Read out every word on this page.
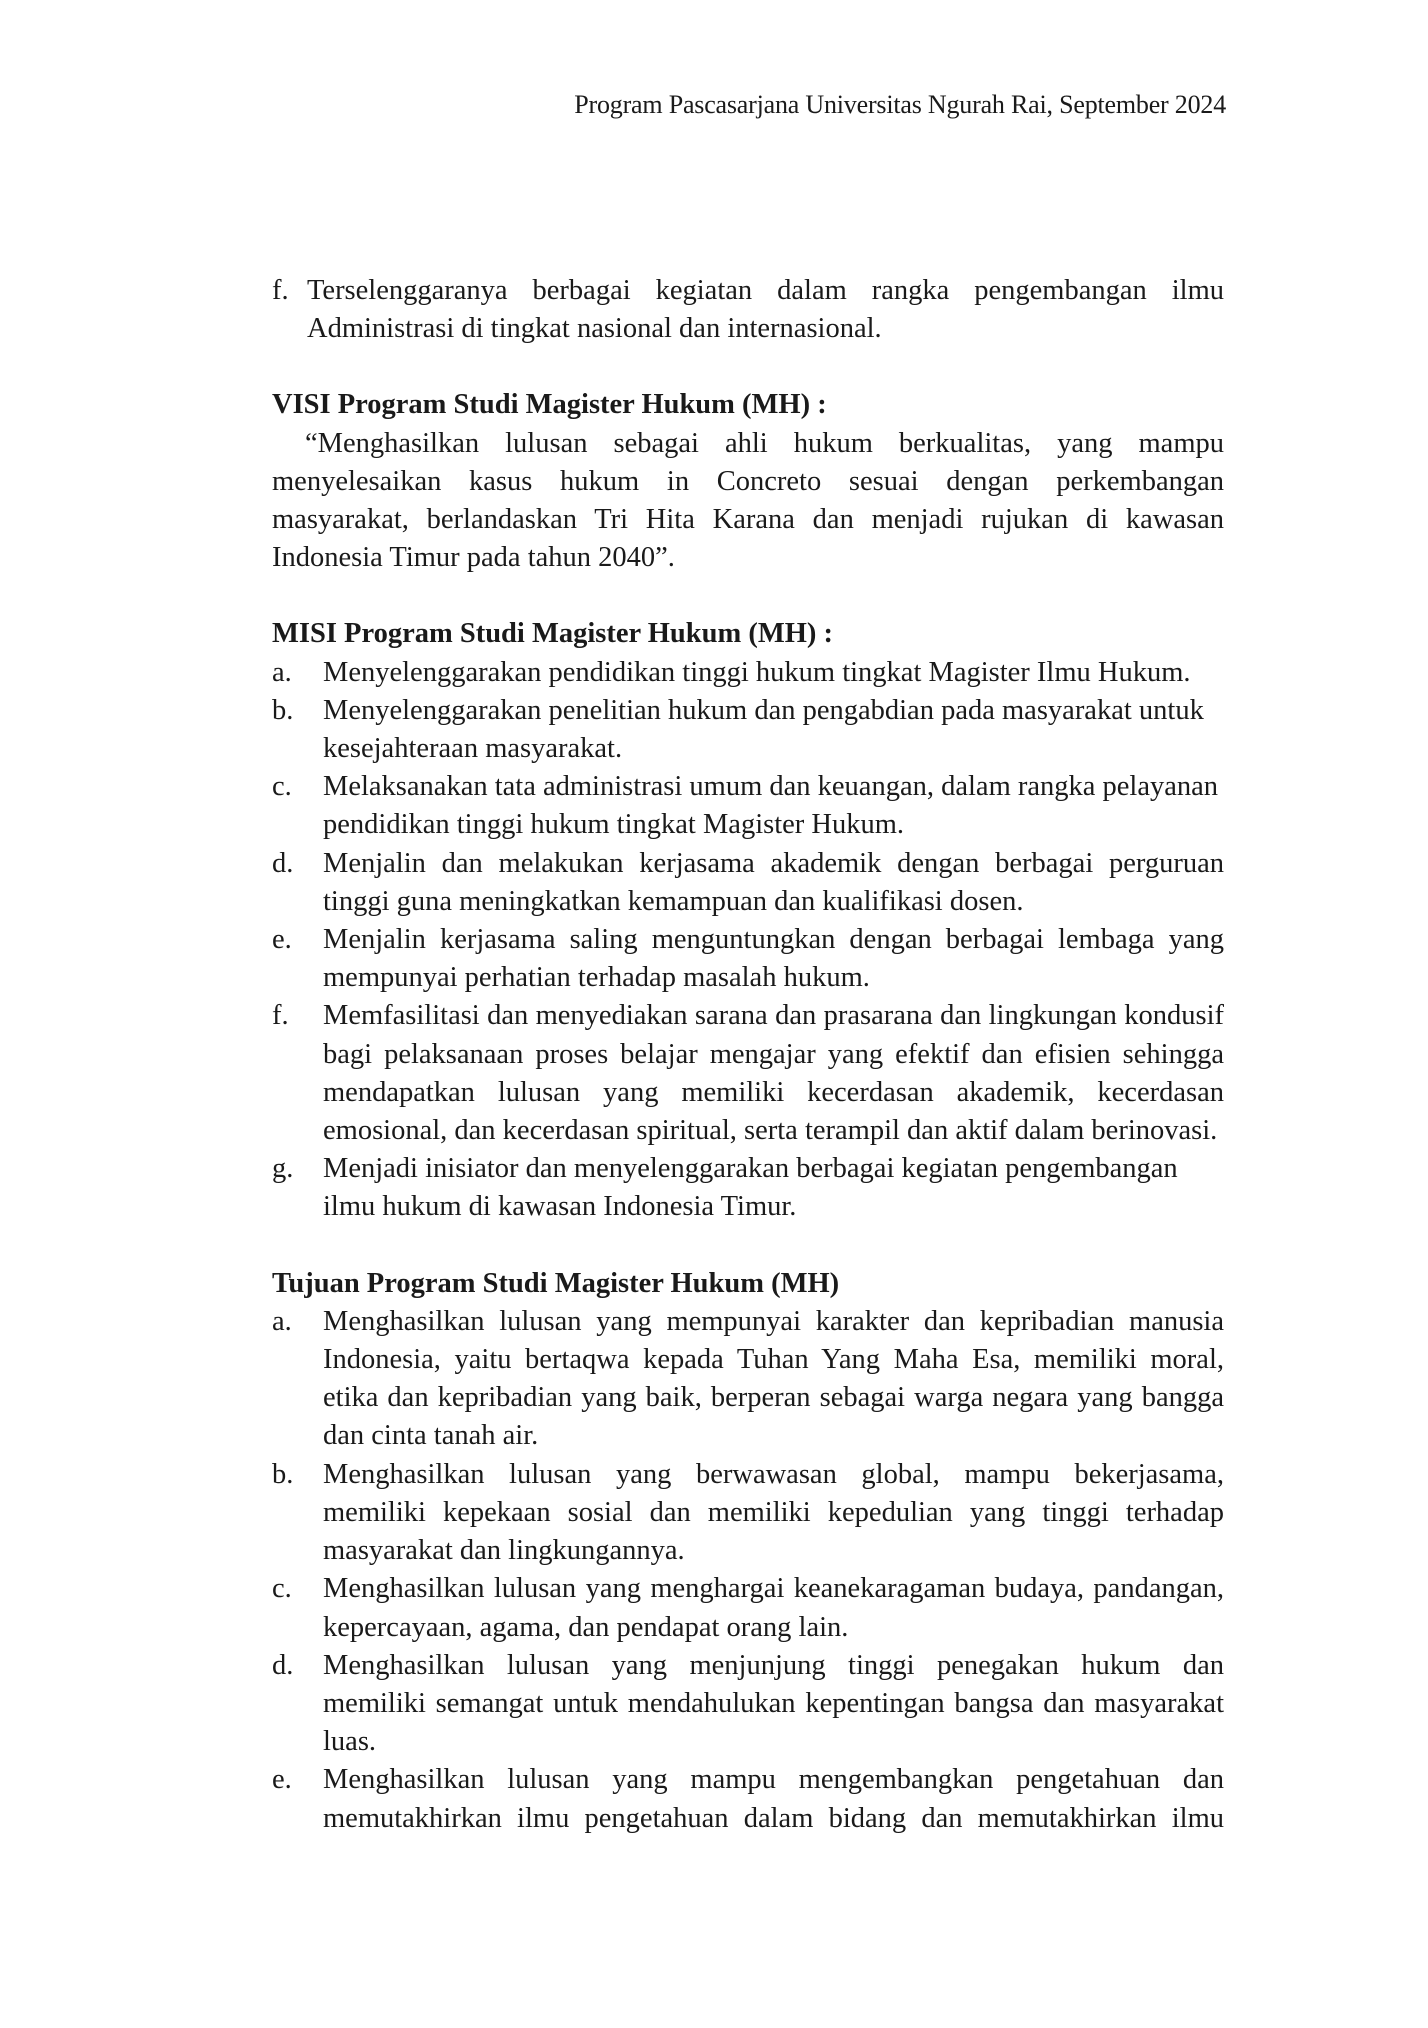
Program Pascasarjana Universitas Ngurah Rai, September 2024
f. Terselenggaranya berbagai kegiatan dalam rangka pengembangan ilmu Administrasi di tingkat nasional dan internasional.
VISI Program Studi Magister Hukum (MH) :
“Menghasilkan lulusan sebagai ahli hukum berkualitas, yang mampu menyelesaikan kasus hukum in Concreto sesuai dengan perkembangan masyarakat, berlandaskan Tri Hita Karana dan menjadi rujukan di kawasan Indonesia Timur pada tahun 2040”.
MISI Program Studi Magister Hukum (MH) :
a. Menyelenggarakan pendidikan tinggi hukum tingkat Magister Ilmu Hukum.
b. Menyelenggarakan penelitian hukum dan pengabdian pada masyarakat untuk kesejahteraan masyarakat.
c. Melaksanakan tata administrasi umum dan keuangan, dalam rangka pelayanan pendidikan tinggi hukum tingkat Magister Hukum.
d. Menjalin dan melakukan kerjasama akademik dengan berbagai perguruan tinggi guna meningkatkan kemampuan dan kualifikasi dosen.
e. Menjalin kerjasama saling menguntungkan dengan berbagai lembaga yang mempunyai perhatian terhadap masalah hukum.
f. Memfasilitasi dan menyediakan sarana dan prasarana dan lingkungan kondusif bagi pelaksanaan proses belajar mengajar yang efektif dan efisien sehingga mendapatkan lulusan yang memiliki kecerdasan akademik, kecerdasan emosional, dan kecerdasan spiritual, serta terampil dan aktif dalam berinovasi.
g. Menjadi inisiator dan menyelenggarakan berbagai kegiatan pengembangan ilmu hukum di kawasan Indonesia Timur.
Tujuan Program Studi Magister Hukum (MH)
a. Menghasilkan lulusan yang mempunyai karakter dan kepribadian manusia Indonesia, yaitu bertaqwa kepada Tuhan Yang Maha Esa, memiliki moral, etika dan kepribadian yang baik, berperan sebagai warga negara yang bangga dan cinta tanah air.
b. Menghasilkan lulusan yang berwawasan global, mampu bekerjasama, memiliki kepekaan sosial dan memiliki kepedulian yang tinggi terhadap masyarakat dan lingkungannya.
c. Menghasilkan lulusan yang menghargai keanekaragaman budaya, pandangan, kepercayaan, agama, dan pendapat orang lain.
d. Menghasilkan lulusan yang menjunjung tinggi penegakan hukum dan memiliki semangat untuk mendahulukan kepentingan bangsa dan masyarakat luas.
e. Menghasilkan lulusan yang mampu mengembangkan pengetahuan dan memutakhirkan ilmu pengetahuan dalam bidang dan memutakhirkan ilmu
